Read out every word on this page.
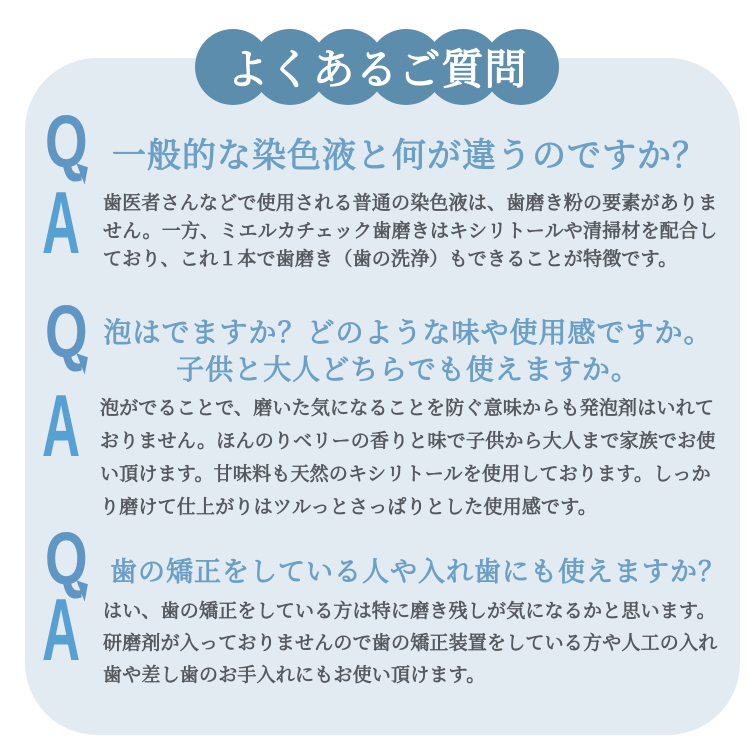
よくあるご質問
Q 一般的な染色液と何が違うのですか？
A 歯医者さんなどで使用される普通の染色液は、歯磨き粉の要素がありません。一方、ミエルカチェック歯磨きはキシリトールや清掃材を配合しており、これ１本で歯磨き（歯の洗浄）もできることが特徴です。
Q 泡はでますか？どのような味や使用感ですか。
子供と大人どちらでも使えますか。
A 泡がでることで、磨いた気になることを防ぐ意味からも発泡剤はいれておりません。ほんのりベリーの香りと味で子供から大人まで家族でお使い頂けます。甘味料も天然のキシリトールを使用しております。しっかり磨けて仕上がりはツルっとさっぱりとした使用感です。
Q 歯の矯正をしている人や入れ歯にも使えますか？
A はい、歯の矯正をしている方は特に磨き残しが気になるかと思います。研磨剤が入っておりませんので歯の矯正装置をしている方や人工の入れ歯や差し歯のお手入れにもお使い頂けます。
